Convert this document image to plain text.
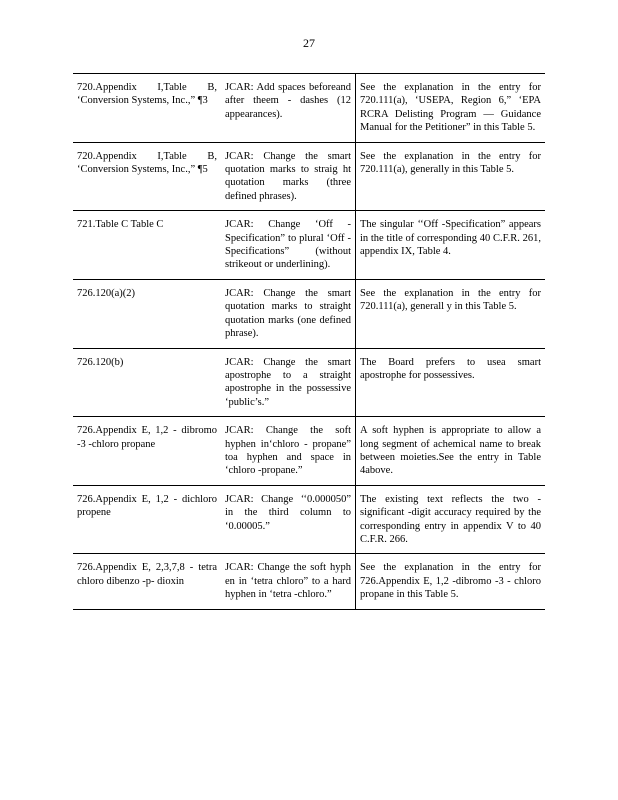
27
720.Appendix I,Table B, ‘Conversion Systems, Inc.,” ¶3	JCAR: Add spaces beforeand after theem - dashes (12 appearances).	See the explanation in the entry for 720.111(a), ‘USEPA, Region 6,” ‘EPA RCRA Delisting Program — Guidance Manual for the Petitioner” in this Table 5.
720.Appendix I,Table B, ‘Conversion Systems, Inc.,” ¶5	JCAR: Change the smart quotation marks to straig ht quotation marks (three defined phrases).	See the explanation in the entry for 720.111(a), generally in this Table 5.
721.Table C Table C	JCAR: Change ‘Off - Specification” to plural ‘Off -Specifications” (without strikeout or underlining).	The singular ‘‘Off -Specification” appears in the title of corresponding 40 C.F.R. 261, appendix IX, Table 4.
726.120(a)(2)	JCAR: Change the smart quotation marks to straight quotation marks (one defined phrase).	See the explanation in the entry for 720.111(a), generall y in this Table 5.
726.120(b)	JCAR: Change the smart apostrophe to a straight apostrophe in the possessive ‘public’s.”	The Board prefers to usea smart apostrophe for possessives.
726.Appendix E, 1,2 - dibromo -3 -chloro propane	JCAR: Change the soft hyphen in‘chloro - propane” toa hyphen and space in ‘chloro -propane.”	A soft hyphen is appropriate to allow a long segment of achemical name to break between moieties.See the entry in Table 4above.
726.Appendix E, 1,2 - dichloro propene	JCAR: Change ‘‘0.000050” in the third column to ‘0.00005.”	The existing text reflects the two - significant -digit accuracy required by the corresponding entry in appendix V to 40 C.F.R. 266.
726.Appendix E, 2,3,7,8 - tetra chloro dibenzo -p- dioxin	JCAR: Change the soft hyph en in ‘tetra chloro” to a hard hyphen in ‘tetra -chloro.”	See the explanation in the entry for 726.Appendix E, 1,2 -dibromo -3 - chloro propane in this Table 5.
